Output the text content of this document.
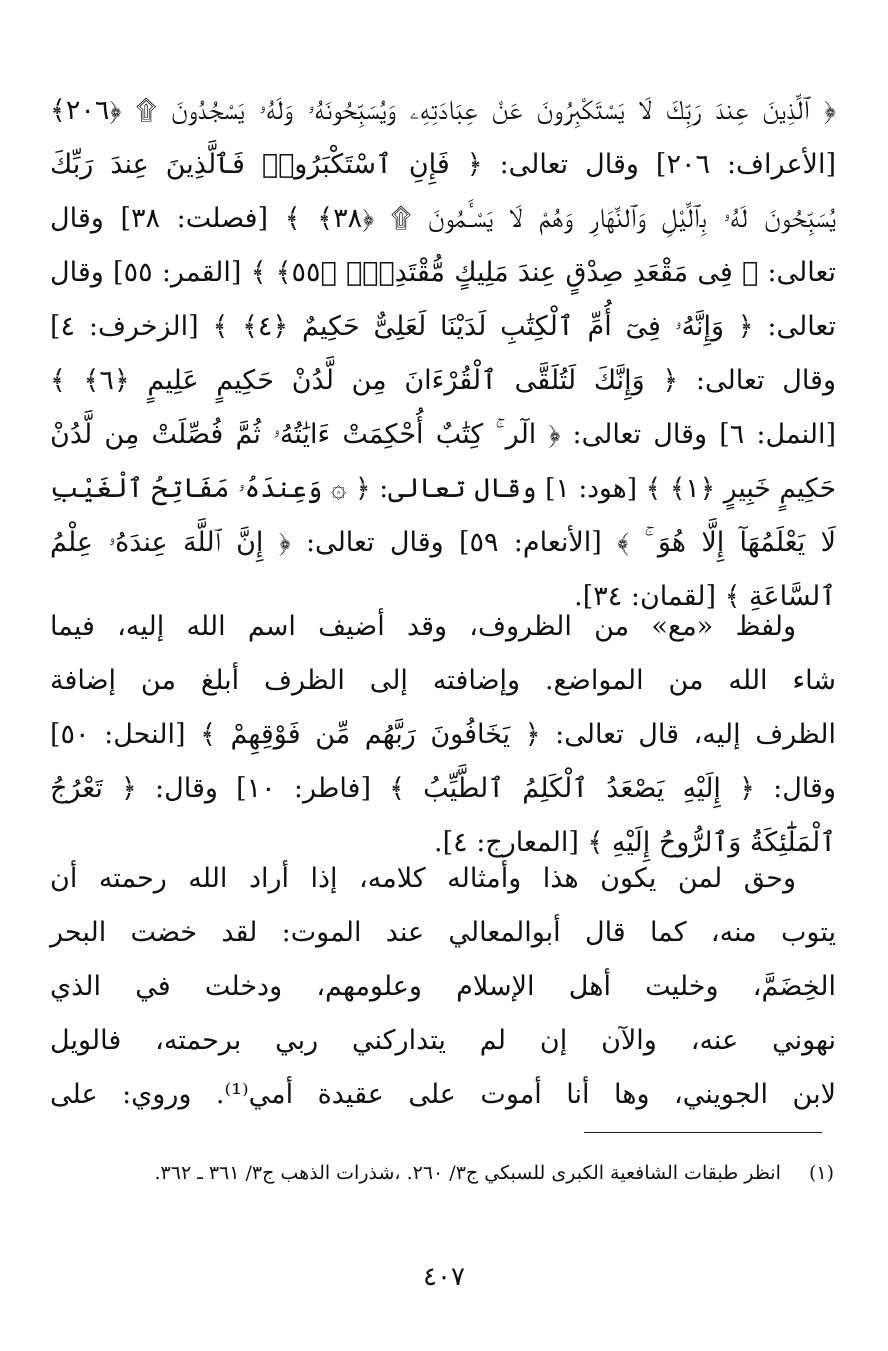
﴿ ٱلَّذِينَ عِندَ رَبِّكَ لَا يَسْتَكْبِرُونَ عَنْ عِبَادَتِهِۦ وَيُسَبِّحُونَهُۥ وَلَهُۥ يَسْجُدُونَ ۩ ﴿٢٠٦﴾
[الأعراف: ٢٠٦] وقال تعالى: ﴿ فَإِنِ ٱسْتَكْبَرُوا۟ فَٱلَّذِينَ عِندَ رَبِّكَ
يُسَبِّحُونَ لَهُۥ بِٱلَّيْلِ وَٱلنَّهَارِ وَهُمْ لَا يَسْـَٔمُونَ ۩ ﴿٣٨﴾ ﴾ [فصلت: ٣٨] وقال
تعالى: ﴿ فِى مَقْعَدِ صِدْقٍ عِندَ مَلِيكٍ مُّقْتَدِرٍۭ ﴿٥٥﴾ ﴾ [القمر: ٥٥] وقال
تعالى: ﴿ وَإِنَّهُۥ فِىٓ أُمِّ ٱلْكِتَٰبِ لَدَيْنَا لَعَلِىٌّ حَكِيمٌ ﴿٤﴾ ﴾ [الزخرف: ٤]
وقال تعالى: ﴿ وَإِنَّكَ لَتُلَقَّى ٱلْقُرْءَانَ مِن لَّدُنْ حَكِيمٍ عَلِيمٍ ﴿٦﴾ ﴾
[النمل: ٦] وقال تعالى: ﴿ الٓر ۚ كِتَٰبٌ أُحْكِمَتْ ءَايَٰتُهُۥ ثُمَّ فُصِّلَتْ مِن لَّدُنْ
حَكِيمٍ خَبِيرٍ ﴿١﴾ ﴾ [هود: ١] وقال تعالى: ﴿ ۞ وَعِندَهُۥ مَفَاتِحُ ٱلْغَيْبِ
لَا يَعْلَمُهَآ إِلَّا هُوَ ۚ ﴾ [الأنعام: ٥٩] وقال تعالى: ﴿ إِنَّ ٱللَّهَ عِندَهُۥ عِلْمُ
ٱلسَّاعَةِ ﴾ [لقمان: ٣٤].
ولفظ «مع» من الظروف، وقد أضيف اسم الله إليه، فيما
شاء الله من المواضع. وإضافته إلى الظرف أبلغ من إضافة
الظرف إليه، قال تعالى: ﴿ يَخَافُونَ رَبَّهُم مِّن فَوْقِهِمْ ﴾ [النحل: ٥٠]
وقال: ﴿ إِلَيْهِ يَصْعَدُ ٱلْكَلِمُ ٱلطَّيِّبُ ﴾ [فاطر: ١٠] وقال: ﴿ تَعْرُجُ
ٱلْمَلَٰٓئِكَةُ وَٱلرُّوحُ إِلَيْهِ ﴾ [المعارج: ٤].
وحق لمن يكون هذا وأمثاله كلامه، إذا أراد الله رحمته أن
يتوب منه، كما قال أبوالمعالي عند الموت: لقد خضت البحر
الخِضَمَّ، وخليت أهل الإسلام وعلومهم، ودخلت في الذي
نهوني عنه، والآن إن لم يتداركني ربي برحمته، فالويل
لابن الجويني، وها أنا أموت على عقيدة أمي⁽¹⁾. وروي: على
(١) انظر طبقات الشافعية الكبرى للسبكي ج٣/ ٢٦٠. ،شذرات الذهب ج٣/ ٣٦١ ـ ٣٦٢.
٤٠٧
